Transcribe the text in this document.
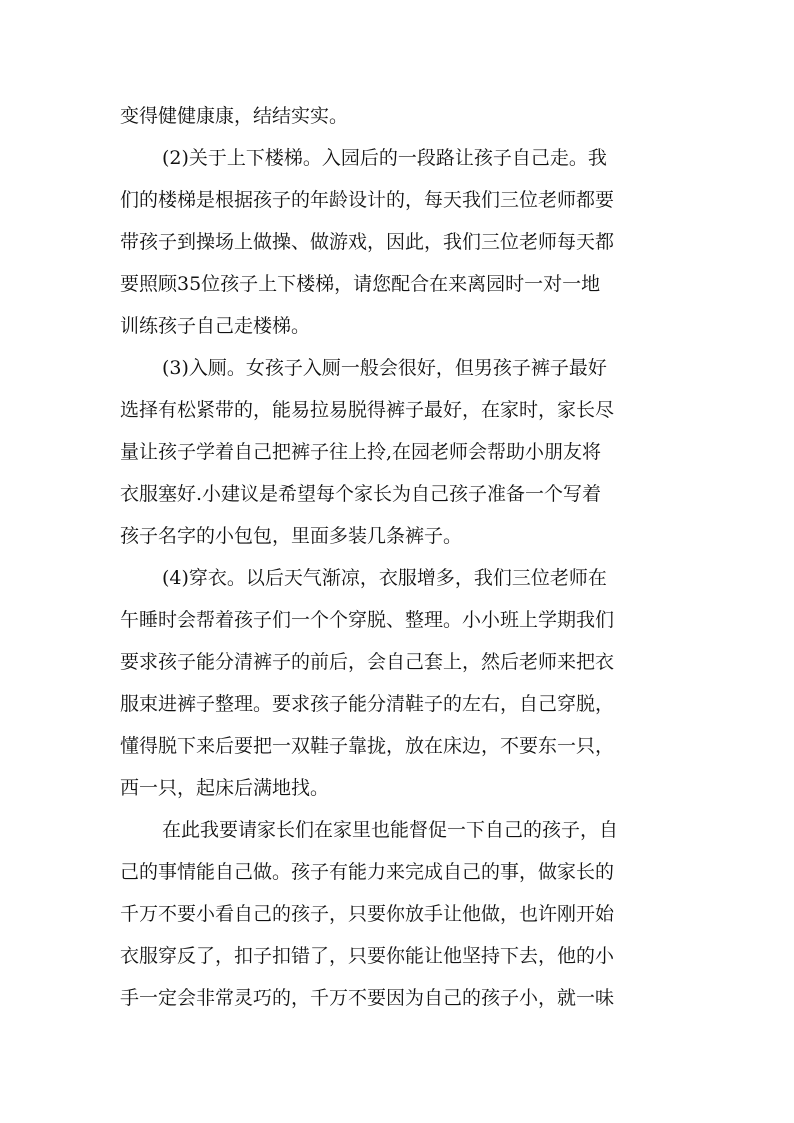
变得健健康康，结结实实。
(2)关于上下楼梯。入园后的一段路让孩子自己走。我
们的楼梯是根据孩子的年龄设计的，每天我们三位老师都要
带孩子到操场上做操、做游戏，因此，我们三位老师每天都
要照顾35位孩子上下楼梯，请您配合在来离园时一对一地
训练孩子自己走楼梯。
(3)入厕。女孩子入厕一般会很好，但男孩子裤子最好
选择有松紧带的，能易拉易脱得裤子最好，在家时，家长尽
量让孩子学着自己把裤子往上拎,在园老师会帮助小朋友将
衣服塞好.小建议是希望每个家长为自己孩子准备一个写着
孩子名字的小包包，里面多装几条裤子。
(4)穿衣。以后天气渐凉，衣服增多，我们三位老师在
午睡时会帮着孩子们一个个穿脱、整理。小小班上学期我们
要求孩子能分清裤子的前后，会自己套上，然后老师来把衣
服束进裤子整理。要求孩子能分清鞋子的左右，自己穿脱，
懂得脱下来后要把一双鞋子靠拢，放在床边，不要东一只，
西一只，起床后满地找。
在此我要请家长们在家里也能督促一下自己的孩子，自
己的事情能自己做。孩子有能力来完成自己的事，做家长的
千万不要小看自己的孩子，只要你放手让他做，也许刚开始
衣服穿反了，扣子扣错了，只要你能让他坚持下去，他的小
手一定会非常灵巧的，千万不要因为自己的孩子小，就一味
